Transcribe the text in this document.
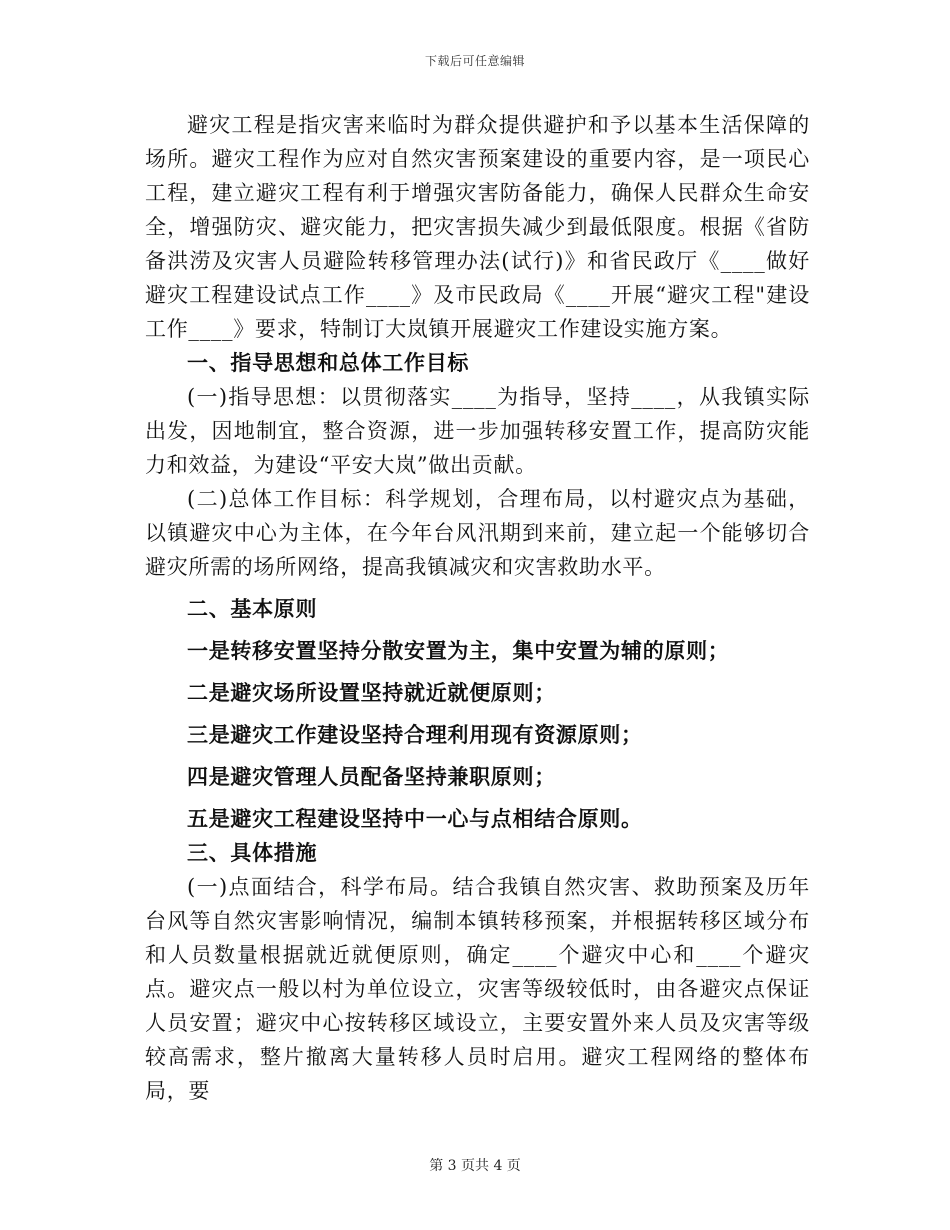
下载后可任意编辑

避灾工程是指灾害来临时为群众提供避护和予以基本生活保障的场所。避灾工程作为应对自然灾害预案建设的重要内容，是一项民心工程，建立避灾工程有利于增强灾害防备能力，确保人民群众生命安全，增强防灾、避灾能力，把灾害损失减少到最低限度。根据《省防备洪涝及灾害人员避险转移管理办法(试行)》和省民政厅《____做好避灾工程建设试点工作____》及市民政局《____开展“避灾工程"建设工作____》要求，特制订大岚镇开展避灾工作建设实施方案。

一、指导思想和总体工作目标

(一)指导思想：以贯彻落实____为指导，坚持____，从我镇实际出发，因地制宜，整合资源，进一步加强转移安置工作，提高防灾能力和效益，为建设“平安大岚”做出贡献。

(二)总体工作目标：科学规划，合理布局，以村避灾点为基础，以镇避灾中心为主体，在今年台风汛期到来前，建立起一个能够切合避灾所需的场所网络，提高我镇减灾和灾害救助水平。

二、基本原则

一是转移安置坚持分散安置为主，集中安置为辅的原则；

二是避灾场所设置坚持就近就便原则；

三是避灾工作建设坚持合理利用现有资源原则；

四是避灾管理人员配备坚持兼职原则；

五是避灾工程建设坚持中一心与点相结合原则。

三、具体措施

(一)点面结合，科学布局。结合我镇自然灾害、救助预案及历年台风等自然灾害影响情况，编制本镇转移预案，并根据转移区域分布和人员数量根据就近就便原则，确定____个避灾中心和____个避灾点。避灾点一般以村为单位设立，灾害等级较低时，由各避灾点保证人员安置；避灾中心按转移区域设立，主要安置外来人员及灾害等级较高需求，整片撤离大量转移人员时启用。避灾工程网络的整体布局，要

第 3 页共 4 页
